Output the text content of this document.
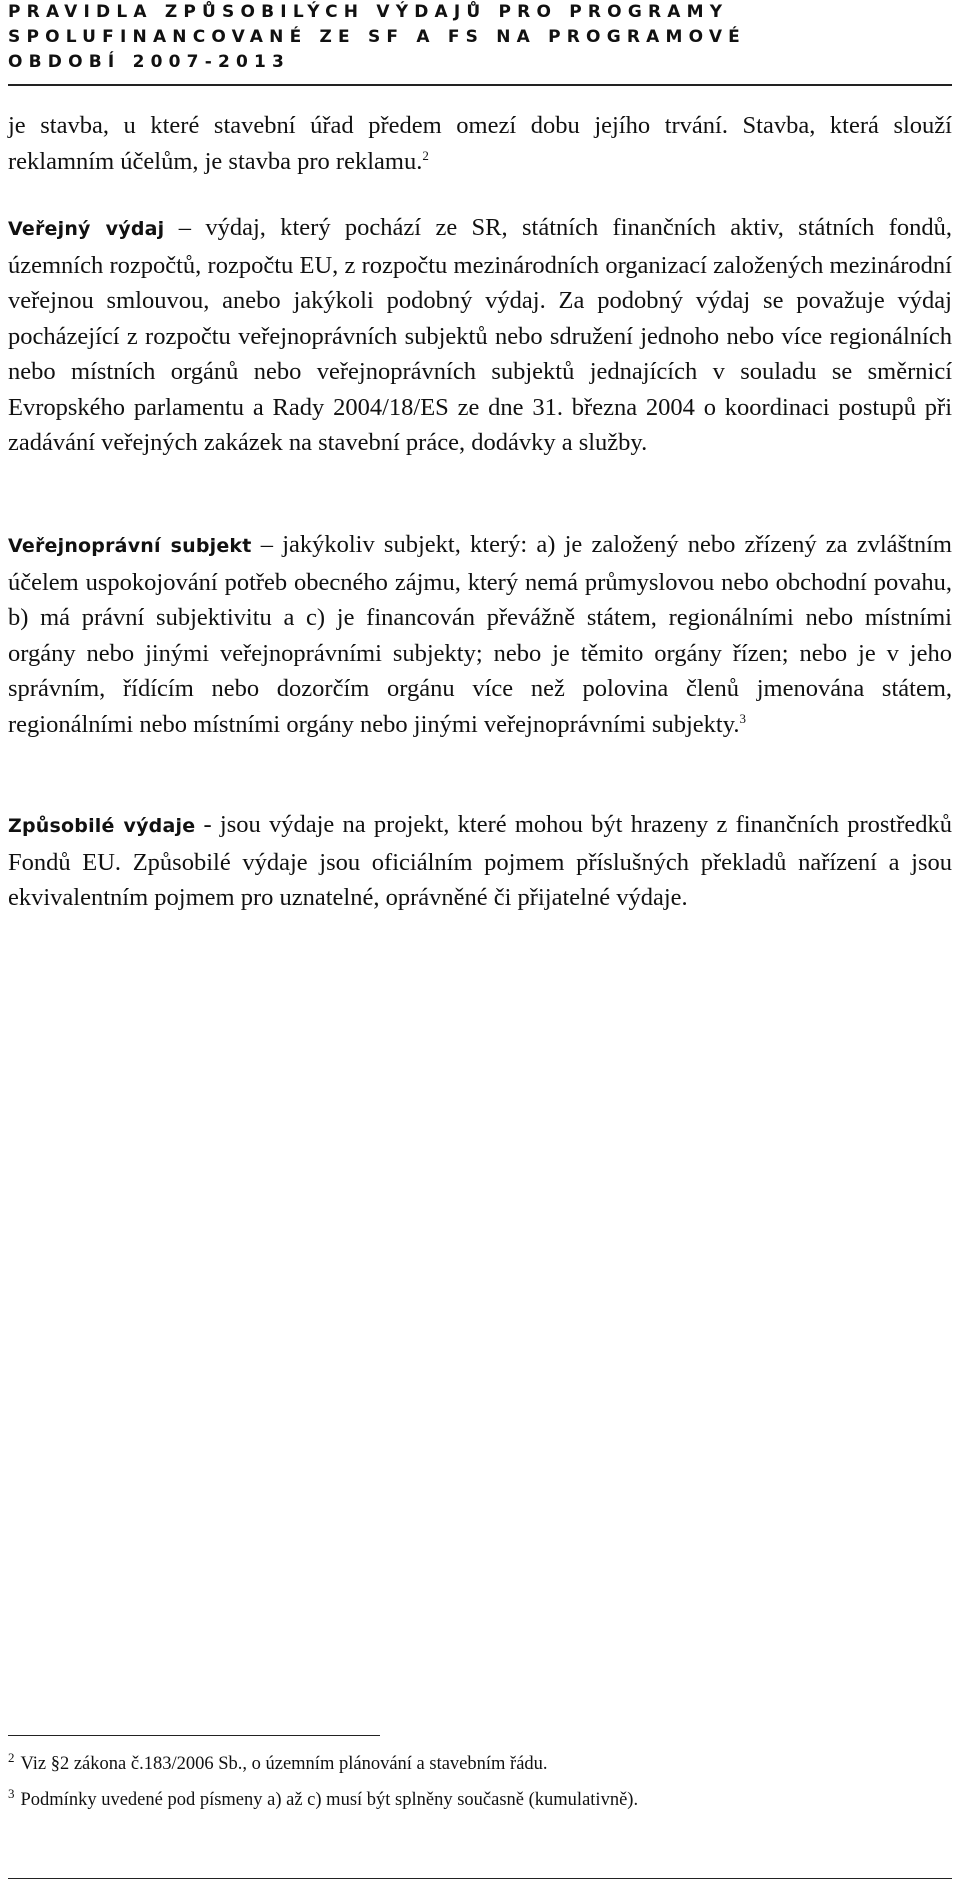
PRAVIDLA ZPŮSOBILÝCH VÝDAJŮ PRO PROGRAMY
SPOLUFINANCOVANÉ ZE SF A FS NA PROGRAMOVÉ
OBDOBÍ 2007-2013

je stavba, u které stavební úřad předem omezí dobu jejího trvání. Stavba, která slouží reklamním účelům, je stavba pro reklamu.$^2$

Veřejný výdaj – výdaj, který pochází ze SR, státních finančních aktiv, státních fondů, územních rozpočtů, rozpočtu EU, z rozpočtu mezinárodních organizací založených mezinárodní veřejnou smlouvou, anebo jakýkoli podobný výdaj. Za podobný výdaj se považuje výdaj pocházející z rozpočtu veřejnoprávních subjektů nebo sdružení jednoho nebo více regionálních nebo místních orgánů nebo veřejnoprávních subjektů jednajících v souladu se směrnicí Evropského parlamentu a Rady 2004/18/ES ze dne 31. března 2004 o koordinaci postupů při zadávání veřejných zakázek na stavební práce, dodávky a služby.

Veřejnoprávní subjekt – jakýkoliv subjekt, který: a) je založený nebo zřízený za zvláštním účelem uspokojování potřeb obecného zájmu, který nemá průmyslovou nebo obchodní povahu, b) má právní subjektivitu a c) je financován převážně státem, regionálními nebo místními orgány nebo jinými veřejnoprávními subjekty; nebo je těmito orgány řízen; nebo je v jeho správním, řídícím nebo dozorčím orgánu více než polovina členů jmenována státem, regionálními nebo místními orgány nebo jinými veřejnoprávními subjekty.$^3$

Způsobilé výdaje - jsou výdaje na projekt, které mohou být hrazeny z finančních prostředků Fondů EU. Způsobilé výdaje jsou oficiálním pojmem příslušných překladů nařízení a jsou ekvivalentním pojmem pro uznatelné, oprávněné či přijatelné výdaje.

$^2$ Viz §2 zákona č.183/2006 Sb., o územním plánování a stavebním řádu.
$^3$ Podmínky uvedené pod písmeny a) až c) musí být splněny současně (kumulativně).
